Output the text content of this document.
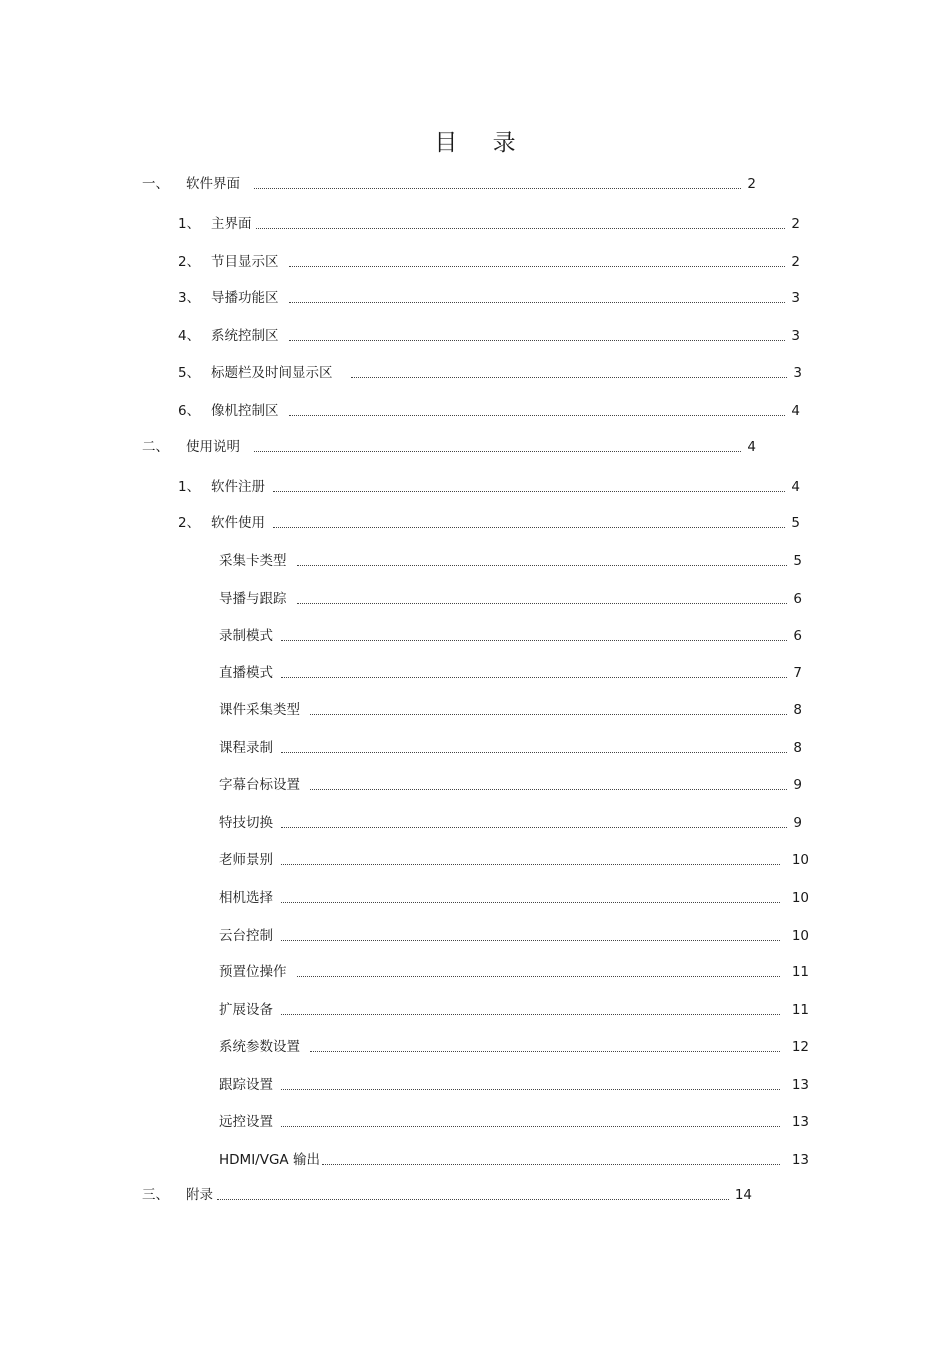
目 录
一、	软件界面	2
1、 主界面	2
2、 节目显示区	2
3、 导播功能区	3
4、 系统控制区	3
5、 标题栏及时间显示区	3
6、 像机控制区	4
二、	使用说明	4
1、 软件注册	4
2、 软件使用	5
采集卡类型	5
导播与跟踪	6
录制模式	6
直播模式	7
课件采集类型	8
课程录制	8
字幕台标设置	9
特技切换	9
老师景别	10
相机选择	10
云台控制	10
预置位操作	11
扩展设备	11
系统参数设置	12
跟踪设置	13
远控设置	13
HDMI/VGA 输出	13
三、	附录	14
